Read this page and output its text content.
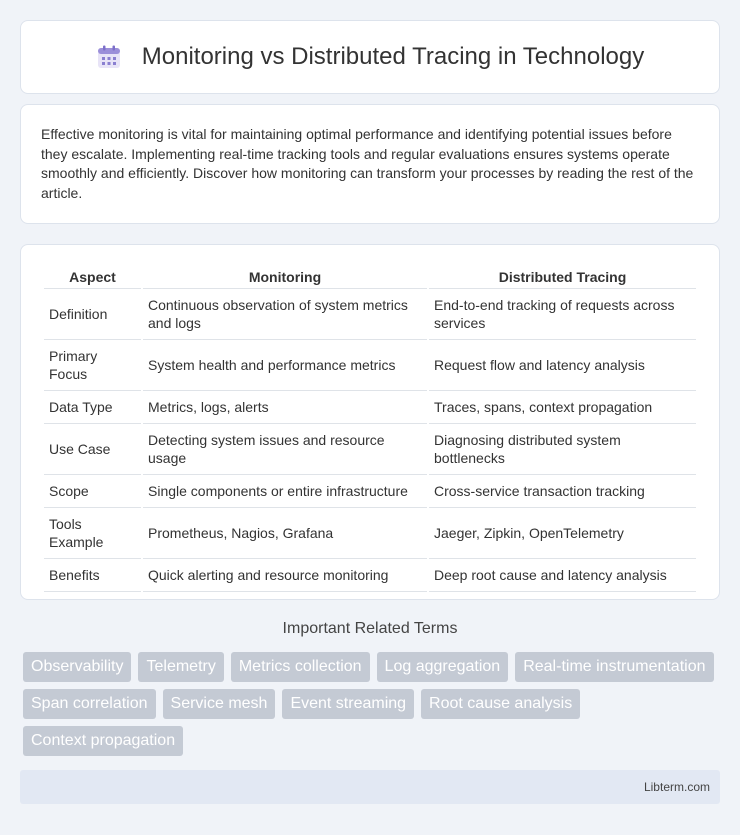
Monitoring vs Distributed Tracing in Technology

Effective monitoring is vital for maintaining optimal performance and identifying potential issues before they escalate. Implementing real-time tracking tools and regular evaluations ensures systems operate smoothly and efficiently. Discover how monitoring can transform your processes by reading the rest of the article.

Aspect	Monitoring	Distributed Tracing
Definition	Continuous observation of system metrics and logs	End-to-end tracking of requests across services
Primary Focus	System health and performance metrics	Request flow and latency analysis
Data Type	Metrics, logs, alerts	Traces, spans, context propagation
Use Case	Detecting system issues and resource usage	Diagnosing distributed system bottlenecks
Scope	Single components or entire infrastructure	Cross-service transaction tracking
Tools Example	Prometheus, Nagios, Grafana	Jaeger, Zipkin, OpenTelemetry
Benefits	Quick alerting and resource monitoring	Deep root cause and latency analysis
Important Related Terms
Observability	Telemetry	Metrics collection	Log aggregation	Real-time instrumentation
Span correlation	Service mesh	Event streaming	Root cause analysis
Context propagation
Libterm.com
